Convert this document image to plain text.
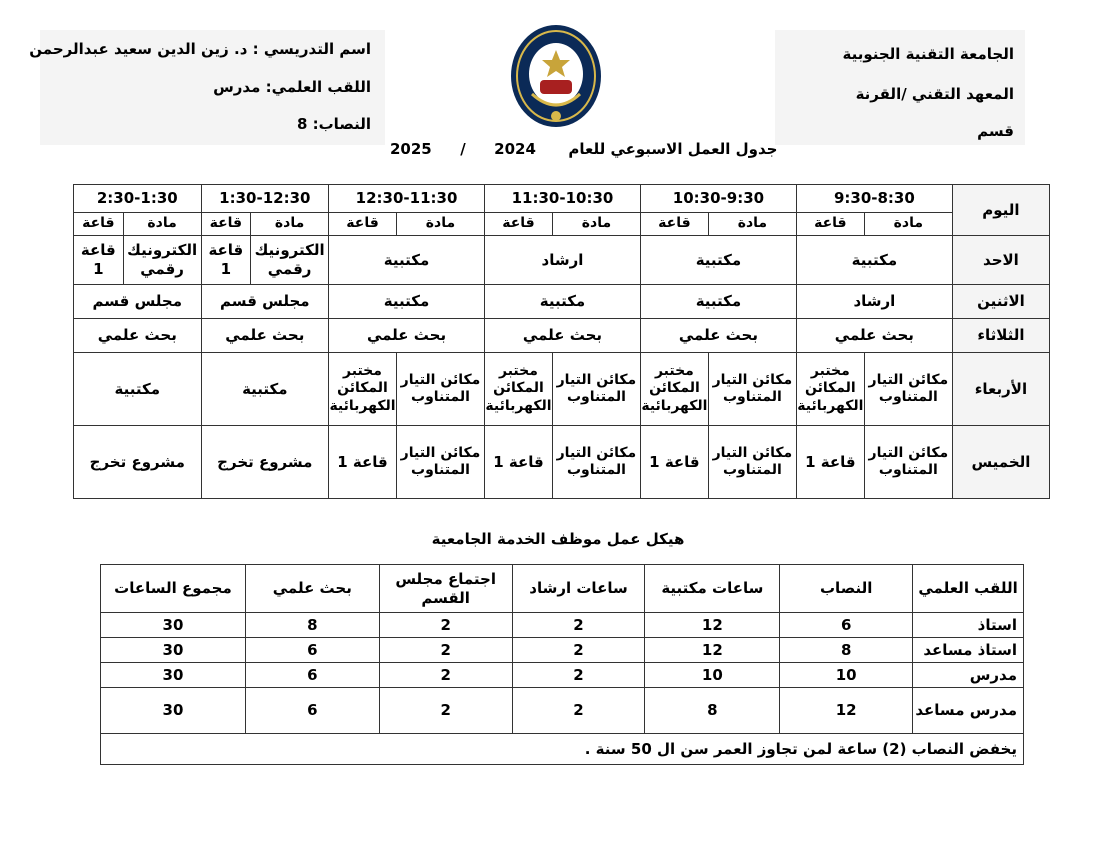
اسم التدريسي : د. زين الدين سعيد عبدالرحمن
اللقب العلمي: مدرس
النصاب: 8
الجامعة التقنية الجنوبية
المعهد التقني /القرنة
قسم
2025 / 2024 جدول العمل الاسبوعي للعام
اليوم	9:30-8:30		10:30-9:30		11:30-10:30		12:30-11:30		1:30-12:30		2:30-1:30	
	مادة	قاعة	مادة	قاعة	مادة	قاعة	مادة	قاعة	مادة	قاعة	مادة	قاعة
الاحد	مكتبية		مكتبية		ارشاد		مكتبية		الكترونيك رقمي	قاعة 1	الكترونيك رقمي	قاعة 1
الاثنين	ارشاد		مكتبية		مكتبية		مكتبية		مجلس قسم		مجلس قسم	
الثلاثاء	بحث علمي		بحث علمي		بحث علمي		بحث علمي		بحث علمي		بحث علمي	
الأربعاء	مكائن التيار المتناوب	مختبر المكائن الكهربائية	مكائن التيار المتناوب	مختبر المكائن الكهربائية	مكائن التيار المتناوب	مختبر المكائن الكهربائية	مكائن التيار المتناوب	مختبر المكائن الكهربائية	مكتبية		مكتبية	
الخميس	مكائن التيار المتناوب	قاعة 1	مكائن التيار المتناوب	قاعة 1	مكائن التيار المتناوب	قاعة 1	مكائن التيار المتناوب	قاعة 1	مشروع تخرج		مشروع تخرج	
هيكل عمل موظف الخدمة الجامعية
اللقب العلمي	النصاب	ساعات مكتبية	ساعات ارشاد	اجتماع مجلس القسم	بحث علمي	مجموع الساعات
استاذ	6	12	2	2	8	30
استاذ مساعد	8	12	2	2	6	30
مدرس	10	10	2	2	6	30
مدرس مساعد	12	8	2	2	6	30
يخفض النصاب (2) ساعة لمن تجاوز العمر سن ال 50 سنة .						
